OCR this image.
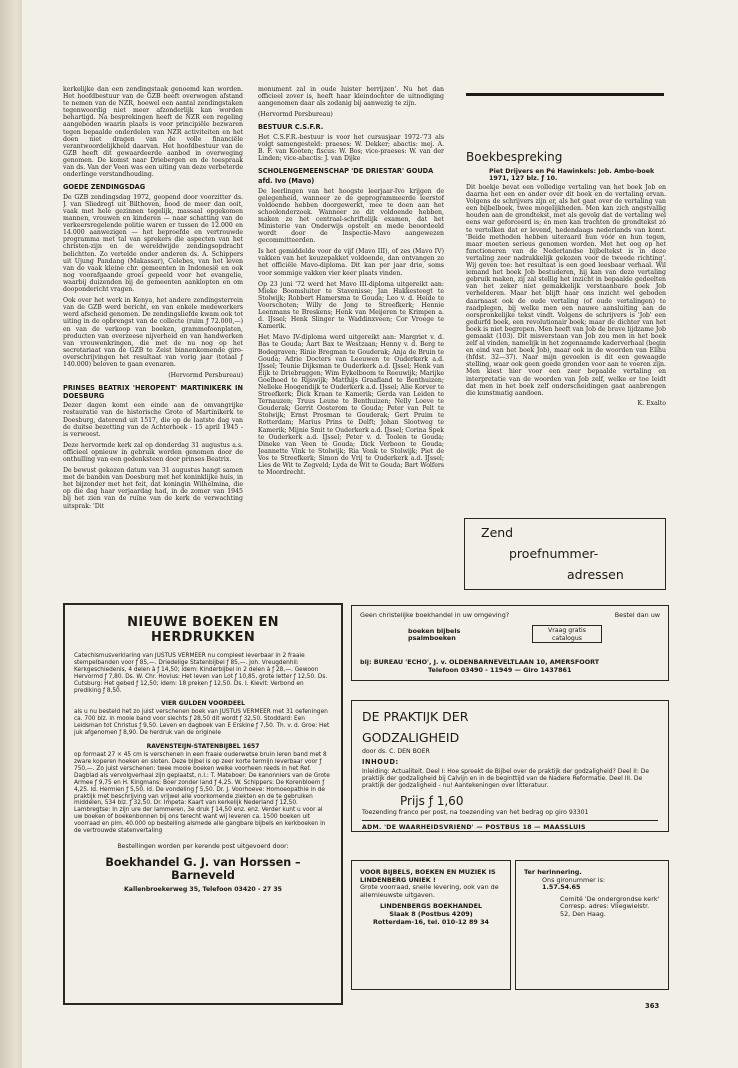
kerkelijke dan een zendingstaak genoemd kan worden. Het hoofdbestuur van de GZB heeft overwogen afstand te nemen van de NZR, hoewel een aantal zendingstaken tegenwoordig niet meer afzonderlijk kan worden behartigd. Na besprekingen heeft de NZR een regeling aangeboden waarin plaats is voor principiële bezwaren tegen bepaalde onderdelen van NZR activiteiten en het doen niet dragen van de volle financiële verantwoordelijkheid daarvan. Het hoofdbestuur van de GZB heeft dit gewaardeerde aanbod in overweging genomen. De komst naar Driebergen en de toespraak van ds. Van der Veen was een uiting van deze verbeterde onderlinge verstandhouding.

GOEDE ZENDINGSDAG

De GZB zendingsdag 1972, geopend door voorzitter ds. J. van Sliedregt uit Bilthoven, bood de meer dan ooit, vaak met hele gezinnen tegelijk, massaal opgekomen mannen, vrouwen en kinderen — naar schatting van de verkeersregelende politie waren er tussen de 12.000 en 14.000 aanwezigen — het beproefde en vertrouwde programma met tal van sprekers die aspecten van het christen-zijn en de wereldwijde zendingsopdracht belichtten. Zo vertelde onder anderen ds. A. Schippers uit Ujung Pandang (Makassar), Celebes, van het leven van de vaak kleine chr. gemeenten in Indonesië en ook nog voorafgaande groei gepeeld voor het evangelie, waarbij duizenden bij de gemeenten aanklopten en om doopondericht vragen.

Ook over het werk in Kenya, het andere zendingsterrein van de GZB werd bericht, en van enkele medewerkers werd afscheid genomen. De zendingsliefde kwam ook tot uiting in de opbrengst van de collecte (ruim ƒ 72.000,—) en van de verkoop van boeken, grammofoonplaten, producten van overzeese nijverheid en van handwerken van vrouwenkringen, die met de nu nog op het secretariaat van de GZB te Zeist binnenkomende giro-overschrijvingen het resultaat van vorig jaar (totaal ƒ 140.000) beloven te gaan evenaren.

(Hervormd Persbureau)

PRINSES BEATRIX 'HEROPENT' MARTINIKERK IN DOESBURG

Dezer dagen komt een einde aan de omvangrijke restauratie van de historische Grote of Martinikerk te Doesburg, daterend uit 1517, die op de laatste dag van de duitse bezetting van de Achterhoek - 15 april 1945 - is verwoest.

Deze hervormde kerk zal op donderdag 31 augustus a.s. officieel opnieuw in gebruik worden genomen door de onthulling van een gedenksteen door prinses Beatrix.

De bewust gekozen datum van 31 augustus hangt samen met de banden van Doesburg met het koninklijke huis, in het bijzonder met het feit, dat koningin Wilhelmina, die op die dag haar verjaardag had, in de zomer van 1945 bij het zien van de ruïne van de kerk de verwachting uitsprak: 'Dit

monument zal in oude luister herrijzen'. Nu het dan officieel zover is, heeft haar kleindochter de uitnodiging aangenomen daar als zodanig bij aanwezig te zijn.

(Hervormd Persbureau)

BESTUUR C.S.F.R.

Het C.S.F.R.-bestuur is voor het cursusjaar 1972-'73 als volgt samengesteld: praeses: W. Dekker; abactis: mej. A. B. F. van Kooten; fiscus: W. Bos; vice-praeses: W. van der Linden; vice-abactis: J. van Dijke

SCHOLENGEMEENSCHAP 'DE DRIESTAR' GOUDA
afd. Ivo (Mavo)

De leerlingen van het hoogste leerjaar-Ivo krijgen de gelegenheid, wanneer ze de geprogrammeerde leerstof voldoende hebben doorgewerkt, mee te doen aan het schoolonderzoek. Wanneer ze dit voldoende hebben, maken ze het centraal-schriftelijk examen, dat het Ministerie van Onderwijs opstelt en mede beoordeeld wordt door de Inspectie-Mavo aangewezen gecommitteerden.

Is het gemiddelde voor de vijf (Mavo III), of zes (Mavo IV) vakken van het keuzepakket voldoende, dan ontvangen ze het officiële Mavo-diploma. Dit kan per jaar drie, soms voor sommige vakken vier keer plaats vinden.

Op 23 juni '72 werd het Mavo III-diploma uitgereikt aan: Mieke Boomsluiter te Stavenisse; Jan Hakkesteegt te Stolwijk; Robbert Hamersma te Gouda; Leo v. d. Heide te Voorschoten; Willy de Jong te Streefkerk; Hennie Leenmans te Breskens; Henk van Meijeren te Krimpen a. d. IJssel; Henk Slinger te Waddinxveen; Cor Vroege te Kamerik.

Het Mavo IV-diploma werd uitgereikt aan: Margriet v. d. Bas te Gouda; Aart Bax te Westzaan; Henny v. d. Berg te Bodegraven; Rinie Bregman te Gouderak; Anja de Bruin te Gouda; Adrie Docters van Leeuwen te Ouderkerk a.d. IJssel; Teunie Dijksman te Ouderkerk a.d. IJssel; Henk van Eijk te Driebruggen; Wim Eykelboom te Reeuwijk; Marijke Goelhoed te Rijswijk; Matthijs Graafland te Benthuizen; Nelleke Hoogendijk te Ouderkerk a.d. IJssel; Alie Korver te Streefkerk; Dick Kraan te Kamerik; Gerda van Leiden te Ternauzen; Truus Leune te Benthuizen; Nelly Loeve te Gouderak; Gerrit Oosterom te Gouda; Peter van Pelt te Stolwijk; Ernst Prosman te Gouderak; Gert Pruim te Rotterdam; Marius Prins te Delft; Johan Slootweg te Kamerik; Mijnie Smit te Ouderkerk a.d. IJssel; Corina Spek te Ouderkerk a.d. IJssel; Peter v. d. Toolen te Gouda; Dineke van Veen te Gouda; Dick Verboon te Gouda; Jeannette Vink te Stolwijk; Ria Vonk te Stolwijk; Piet de Vos te Streefkerk; Simon de Vrij te Ouderkerk a.d. IJssel; Lies de Wit te Zegveld; Lyda de Wit te Gouda; Bart Wolfers te Moordrecht.

Boekbespreking
Piet Drijvers en Pé Hawinkels: Job. Ambo-boek 1971, 127 blz. ƒ 10.

Dit boekje bevat een volledige vertaling van het boek Job en daarna het een en ander over dit boek en de vertaling ervan. Volgens de schrijvers zijn er, als het gaat over de vertaling van een bijbelboek, twee mogelijkheden. Men kan zich angstvallig houden aan de grondtekst, met als gevolg dat de vertaling wel eens war geforceerd is; én men kan trachten de grondtekst zó te vertolken dat er levend, hedendaags nederlands van komt. 'Beide methoden hebben uiteraard hun vóór en hun tegen, maar moeten serieus genomen worden. Met het oog op het functioneren van de Nederlandse bijbeltekst is in deze vertaling zeer nadrukkelijk gekozen voor de tweede richting'. Wij geven toe: het resultaat is een goed leesbaar verhaal. Wil iemand het boek Job bestuderen, hij kan van deze vertaling gebruik maken, zij zal stellig het inzicht in bepaalde gedeelten van het zeker niet gemakkelijk verstaanbare boek Job verhelderen. Maar het blijft haar ons inzicht wel geboden daarnaast ook de oude vertaling (of oude vertalingen) te raadplegen, bij welke men een nauwe aansluiting aan de oorspronkelijke tekst vindt. Volgens de schrijvers is 'Job' een gedurfd boek, een revolutionair boek; maar de dichter van het boek is niet begrepen. Men heeft van Job de brave lijdzame Job gemaakt (103). Dit misverstaan van Job zou men in het boek zelf al vinden, namelijk in het zogenaamde kaderverhaal (begin en eind van het boek Job), maar ook in de woorden van Elihu (hfdst. 32—37). Naar mijn gevoelen is dit een gewaagde stelling, waar ook geen goede gronden voor aan te voeren zijn. Men kiest hier voor een zeer bepaalde vertaling en interpretatie van de woorden van Job zelf, welke er toe leidt dat men in het boek zelf onderscheidingen gaat aanbrengen die kunstmatig aandoen.

K. Exalto

Zend
proefnummer-
adressen
NIEUWE BOEKEN EN HERDRUKKEN

Catechismusverklaring van JUSTUS VERMEER nu compleet leverbaar in 2 fraaie stempelbanden voor ƒ 85,—. Driedelige Statenbijbel ƒ 85,—. Joh. Vreugdenhil: Kerkgeschiedenis, 4 delen à ƒ 14,50; idem: Kinderbijbel in 2 delen à ƒ 28,—. Gewoon Hervormd ƒ 7,80. Ds. W. Chr. Hovius: Het leven van Lot ƒ 10,85, grote letter ƒ 12,50. Ds. Cutsburg: Het gebed ƒ 12,50; idem: 18 preken ƒ 12,50. Ds. I. Kievit: Verbond en prediking ƒ 8,50.

VIER GULDEN VOORDEEL

als u nu besteld het zo juist verschenen boek van JUSTUS VERMEER met 31 oefeningen ca. 700 blz. in mooie band voor slechts ƒ 28,50 dit wordt ƒ 32,50. Stoddard: Een Leidsman tot Christus ƒ 9,50. Leven en dagboek van E Erskine ƒ 7,50. Th. v. d. Groe: Het juk afgenomen ƒ 8,90. De herdruk van de originele

RAVENSTEIJN-STATENBIJBEL 1657

op formaat 27 × 45 cm is verschenen in een fraaie ouderwetse bruin leren band met 8 zware koperen hoeken en sloten. Deze bijbel is op zeer korte termijn leverbaar voor ƒ 750,—. Zo juist verschenen: twee mooie boeken welke voorheen reeds in het Ref. Dagblad als vervolgverhaal zijn geplaatst, n.l.: T. Mateboer: De kanonniers van de Grote Armee ƒ 9,75 en H. Kingmans: Boer zonder land ƒ 4,25. W. Schippers: De Korenbloem ƒ 4,25. Id. Hermien ƒ 5,50. id. De vondeling ƒ 5,50. Dr. J. Voorhoeve: Homoeopathie in de praktijk met beschrijving van vrijwel alle voorkomende ziekten en de te gebruiken middelen, 534 blz. ƒ 32,50. Dr. Impeta: Kaart van kerkelijk Nederland ƒ 12,50. Lambregtse: In zijn ure der lammeren, 3e druk ƒ 14,50 enz. enz. Verder kunt u voor al uw boeken of boekenbonnen bij ons terecht want wij leveren ca. 1500 boeken uit voorraad en plm. 40.000 op bestelling alsmede alle gangbare bijbels en kerkboeken in de vertrouwde statenvertaling

Bestellingen worden per kerende post uitgevoerd door:
Boekhandel G. J. van Horssen – Barneveld
Kallenbroekerweg 35, Telefoon 03420 - 27 35
Geen christelijke boekhandel in uw omgeving?	Bestel dan uw
boeken bijbels psalmboeken
Vraag gratis catalogus
bij: BUREAU 'ECHO', J. v. OLDENBARNEVELTLAAN 10, AMERSFOORT
Telefoon 03490 - 11949 — Giro 1437861
DE PRAKTIJK DER
GODZALIGHEID
door ds. C. DEN BOER
INHOUD:
Inleiding: Actualiteit. Deel I: Hoe spreekt de Bijbel over de praktijk der godzaligheid? Deel II: De praktijk der godzaligheid bij Calvijn en in de beginttijd van de Nadere Reformatie. Deel III. De praktijk der godzaligheid - nu! Aantekeningen over litteratuur.
Prijs ƒ 1,60
Toezending franco per post, na toezending van het bedrag op giro 93301
ADM. 'DE WAARHEIDSVRIEND' — POSTBUS 18 — MAASSLUIS
VOOR BIJBELS, BOEKEN EN MUZIEK IS LINDENBERG UNIEK !
Grote voorraad, snelle levering, ook van de allernieuwste uitgaven.
LINDENBERGS BOEKHANDEL
Slaak 8 (Postbus 4209)
Rotterdam-16, tel. 010-12 89 34
Ter herinnering.
Ons gironummer is:
1.57.54.65
Comité 'De ondergrondse kerk' Corresp. adres: Vliegwielstr. 52, Den Haag.
363
